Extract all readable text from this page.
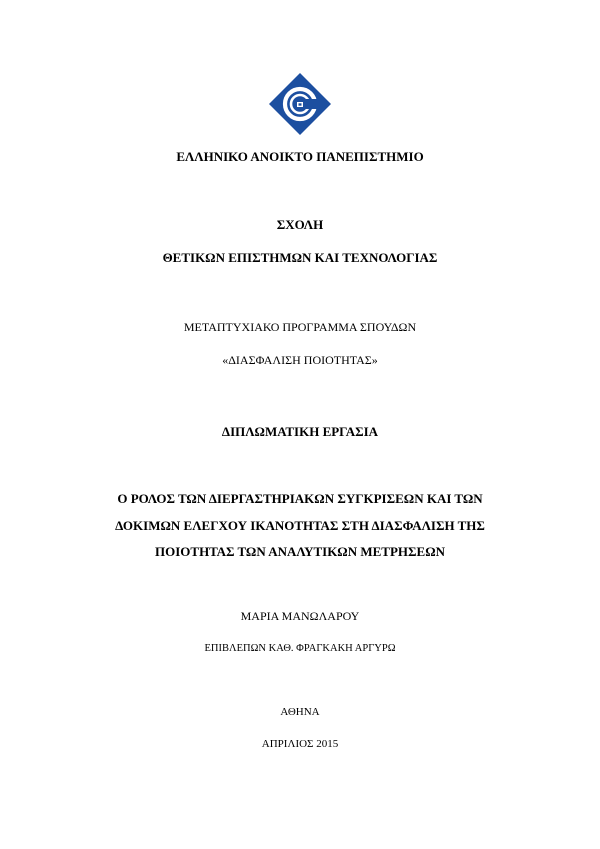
ΕΛΛΗΝΙΚΟ ΑΝΟΙΚΤΟ ΠΑΝΕΠΙΣΤΗΜΙΟ
ΣΧΟΛΗ
ΘΕΤΙΚΩΝ ΕΠΙΣΤΗΜΩΝ ΚΑΙ ΤΕΧΝΟΛΟΓΙΑΣ
ΜΕΤΑΠΤΥΧΙΑΚΟ ΠΡΟΓΡΑΜΜΑ ΣΠΟΥΔΩΝ
«ΔΙΑΣΦΑΛΙΣΗ ΠΟΙΟΤΗΤΑΣ»
ΔΙΠΛΩΜΑΤΙΚΗ ΕΡΓΑΣΙΑ
Ο ΡΟΛΟΣ ΤΩΝ ΔΙΕΡΓΑΣΤΗΡΙΑΚΩΝ ΣΥΓΚΡΙΣΕΩΝ ΚΑΙ ΤΩΝ
ΔΟΚΙΜΩΝ ΕΛΕΓΧΟΥ ΙΚΑΝΟΤΗΤΑΣ ΣΤΗ ΔΙΑΣΦΑΛΙΣΗ ΤΗΣ
ΠΟΙΟΤΗΤΑΣ ΤΩΝ ΑΝΑΛΥΤΙΚΩΝ ΜΕΤΡΗΣΕΩΝ
ΜΑΡΙΑ ΜΑΝΩΛΑΡΟΥ
ΕΠΙΒΛΕΠΩΝ ΚΑΘ. ΦΡΑΓΚΑΚΗ ΑΡΓΥΡΩ
ΑΘΗΝΑ
ΑΠΡΙΛΙΟΣ 2015
